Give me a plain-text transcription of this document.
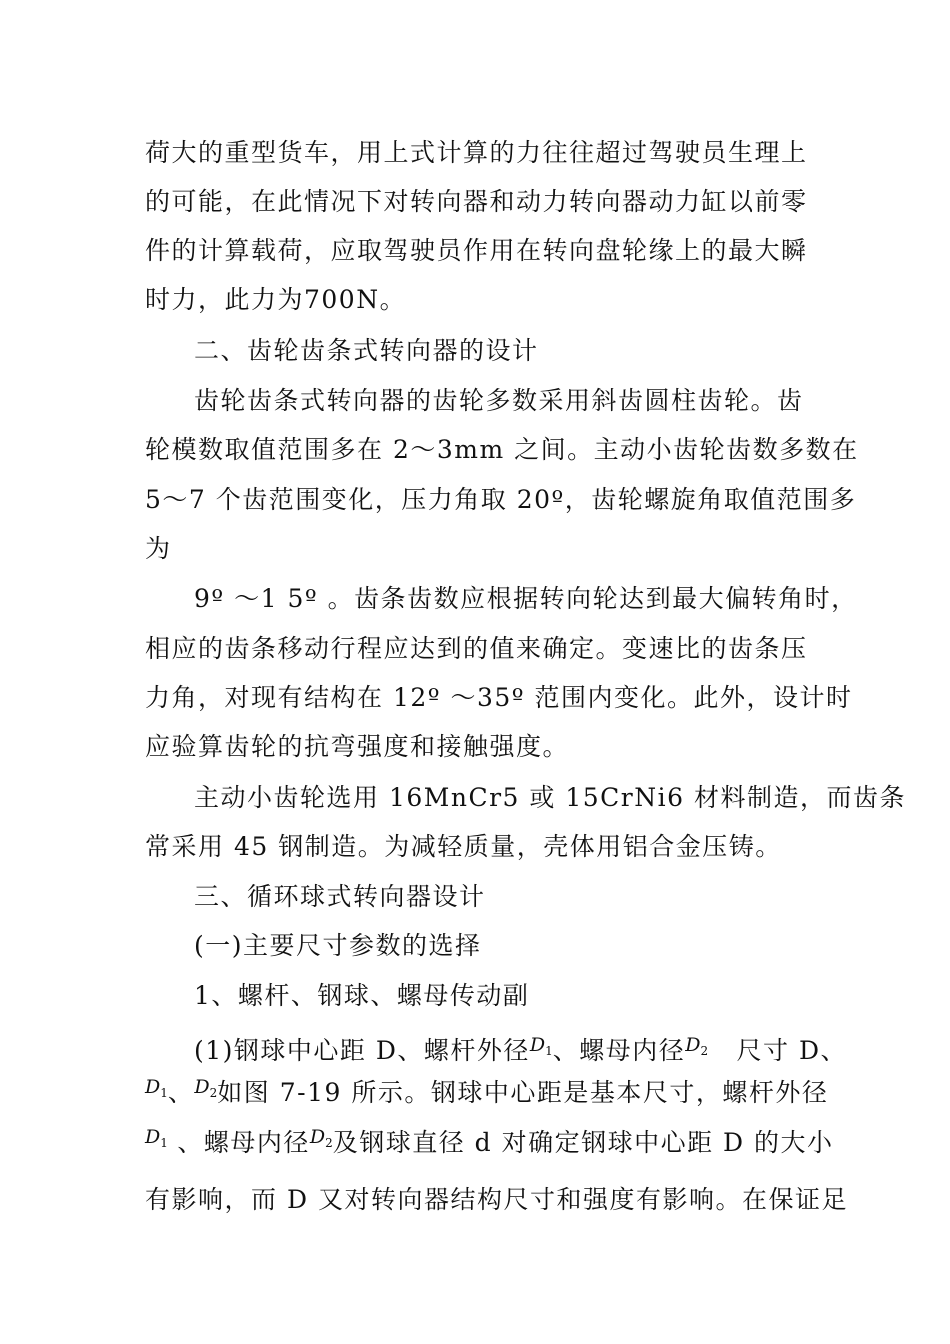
荷大的重型货车，用上式计算的力往往超过驾驶员生理上
的可能，在此情况下对转向器和动力转向器动力缸以前零
件的计算载荷，应取驾驶员作用在转向盘轮缘上的最大瞬
时力，此力为700N。
二、齿轮齿条式转向器的设计
齿轮齿条式转向器的齿轮多数采用斜齿圆柱齿轮。齿
轮模数取值范围多在 2～3mm 之间。主动小齿轮齿数多数在
5～7 个齿范围变化，压力角取 20º，齿轮螺旋角取值范围多
为
9º ～1 5º 。齿条齿数应根据转向轮达到最大偏转角时，
相应的齿条移动行程应达到的值来确定。变速比的齿条压
力角，对现有结构在 12º ～35º 范围内变化。此外，设计时
应验算齿轮的抗弯强度和接触强度。
主动小齿轮选用 16MnCr5 或 15CrNi6 材料制造，而齿条
常采用 45 钢制造。为减轻质量，壳体用铝合金压铸。
三、循环球式转向器设计
(一)主要尺寸参数的选择
1、螺杆、钢球、螺母传动副
(1)钢球中心距 D、螺杆外径$^{D_1}$、螺母内径$^{D_2}$   尺寸 D、
$^{D_1}$、$^{D_2}$如图 7-19 所示。钢球中心距是基本尺寸，螺杆外径
$^{D_1}$ 、螺母内径$^{D_2}$及钢球直径 d 对确定钢球中心距 D 的大小
有影响，而 D 又对转向器结构尺寸和强度有影响。在保证足
